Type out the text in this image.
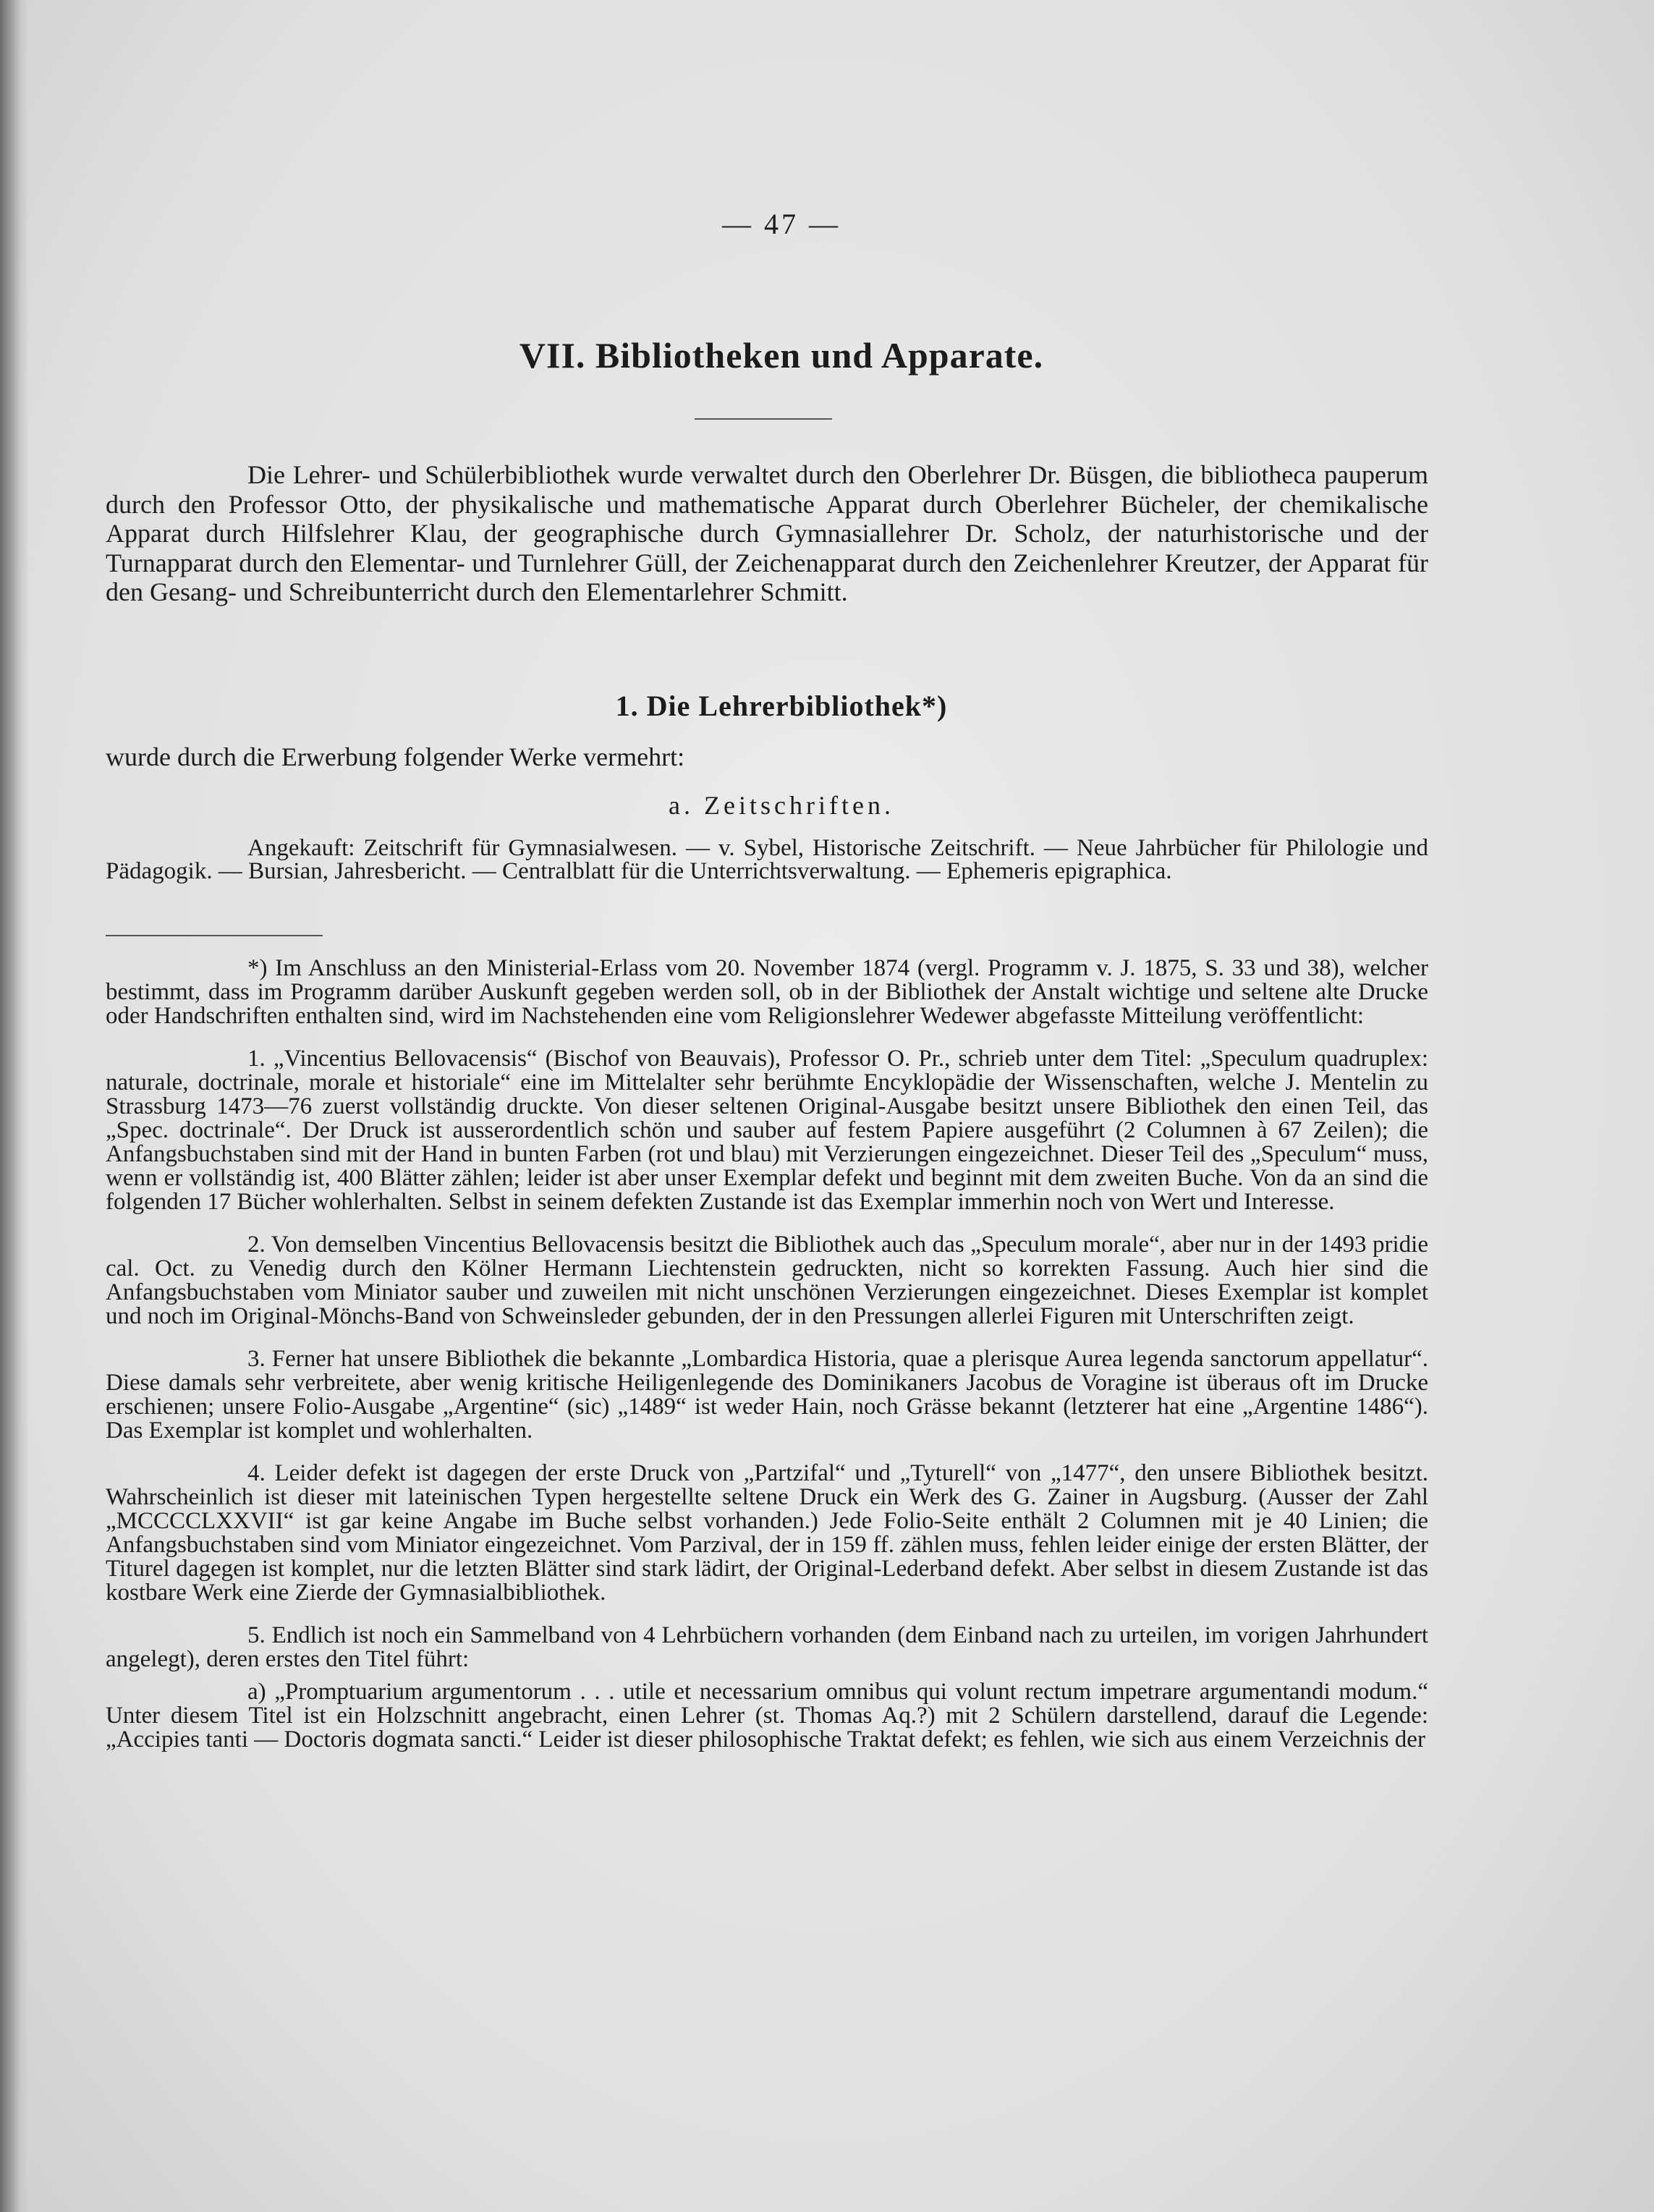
— 47 —
VII. Bibliotheken und Apparate.

Die Lehrer- und Schülerbibliothek wurde verwaltet durch den Oberlehrer Dr. Büsgen, die bibliotheca pauperum durch den Professor Otto, der physikalische und mathematische Apparat durch Oberlehrer Bücheler, der chemikalische Apparat durch Hilfslehrer Klau, der geographische durch Gymnasiallehrer Dr. Scholz, der naturhistorische und der Turnapparat durch den Elementar- und Turnlehrer Güll, der Zeichenapparat durch den Zeichenlehrer Kreutzer, der Apparat für den Gesang- und Schreibunterricht durch den Elementarlehrer Schmitt.

1. Die Lehrerbibliothek*)

wurde durch die Erwerbung folgender Werke vermehrt:

a. Zeitschriften.

Angekauft: Zeitschrift für Gymnasialwesen. — v. Sybel, Historische Zeitschrift. — Neue Jahrbücher für Philologie und Pädagogik. — Bursian, Jahresbericht. — Centralblatt für die Unterrichtsverwaltung. — Ephemeris epigraphica.

*) Im Anschluss an den Ministerial-Erlass vom 20. November 1874 (vergl. Programm v. J. 1875, S. 33 und 38), welcher bestimmt, dass im Programm darüber Auskunft gegeben werden soll, ob in der Bibliothek der Anstalt wichtige und seltene alte Drucke oder Handschriften enthalten sind, wird im Nachstehenden eine vom Religionslehrer Wedewer abgefasste Mitteilung veröffentlicht:

1. „Vincentius Bellovacensis“ (Bischof von Beauvais), Professor O. Pr., schrieb unter dem Titel: „Speculum quadruplex: naturale, doctrinale, morale et historiale“ eine im Mittelalter sehr berühmte Encyklopädie der Wissenschaften, welche J. Mentelin zu Strassburg 1473—76 zuerst vollständig druckte. Von dieser seltenen Original-Ausgabe besitzt unsere Bibliothek den einen Teil, das „Spec. doctrinale“. Der Druck ist ausserordentlich schön und sauber auf festem Papiere ausgeführt (2 Columnen à 67 Zeilen); die Anfangsbuchstaben sind mit der Hand in bunten Farben (rot und blau) mit Verzierungen eingezeichnet. Dieser Teil des „Speculum“ muss, wenn er vollständig ist, 400 Blätter zählen; leider ist aber unser Exemplar defekt und beginnt mit dem zweiten Buche. Von da an sind die folgenden 17 Bücher wohlerhalten. Selbst in seinem defekten Zustande ist das Exemplar immerhin noch von Wert und Interesse.

2. Von demselben Vincentius Bellovacensis besitzt die Bibliothek auch das „Speculum morale“, aber nur in der 1493 pridie cal. Oct. zu Venedig durch den Kölner Hermann Liechtenstein gedruckten, nicht so korrekten Fassung. Auch hier sind die Anfangsbuchstaben vom Miniator sauber und zuweilen mit nicht unschönen Verzierungen eingezeichnet. Dieses Exemplar ist komplet und noch im Original-Mönchs-Band von Schweinsleder gebunden, der in den Pressungen allerlei Figuren mit Unterschriften zeigt.

3. Ferner hat unsere Bibliothek die bekannte „Lombardica Historia, quae a plerisque Aurea legenda sanctorum appellatur“. Diese damals sehr verbreitete, aber wenig kritische Heiligenlegende des Dominikaners Jacobus de Voragine ist überaus oft im Drucke erschienen; unsere Folio-Ausgabe „Argentine“ (sic) „1489“ ist weder Hain, noch Grässe bekannt (letzterer hat eine „Argentine 1486“). Das Exemplar ist komplet und wohlerhalten.

4. Leider defekt ist dagegen der erste Druck von „Partzifal“ und „Tyturell“ von „1477“, den unsere Bibliothek besitzt. Wahrscheinlich ist dieser mit lateinischen Typen hergestellte seltene Druck ein Werk des G. Zainer in Augsburg. (Ausser der Zahl „MCCCCLXXVII“ ist gar keine Angabe im Buche selbst vorhanden.) Jede Folio-Seite enthält 2 Columnen mit je 40 Linien; die Anfangsbuchstaben sind vom Miniator eingezeichnet. Vom Parzival, der in 159 ff. zählen muss, fehlen leider einige der ersten Blätter, der Titurel dagegen ist komplet, nur die letzten Blätter sind stark lädirt, der Original-Lederband defekt. Aber selbst in diesem Zustande ist das kostbare Werk eine Zierde der Gymnasialbibliothek.

5. Endlich ist noch ein Sammelband von 4 Lehrbüchern vorhanden (dem Einband nach zu urteilen, im vorigen Jahrhundert angelegt), deren erstes den Titel führt:

a) „Promptuarium argumentorum . . . utile et necessarium omnibus qui volunt rectum impetrare argumentandi modum.“ Unter diesem Titel ist ein Holzschnitt angebracht, einen Lehrer (st. Thomas Aq.?) mit 2 Schülern darstellend, darauf die Legende: „Accipies tanti — Doctoris dogmata sancti.“ Leider ist dieser philosophische Traktat defekt; es fehlen, wie sich aus einem Verzeichnis der
